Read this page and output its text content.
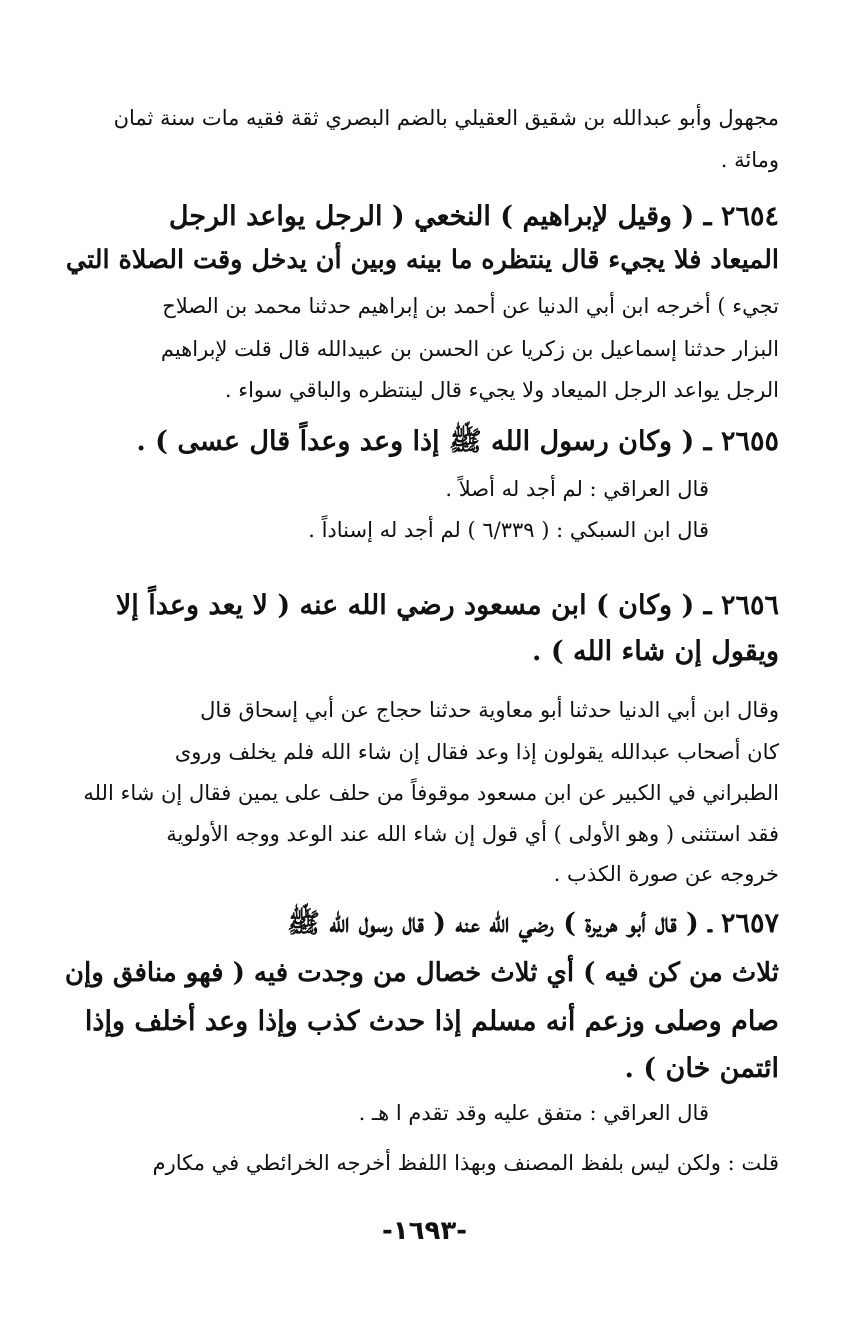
مجهول وأبو عبدالله بن شقيق العقيلي بالضم البصري ثقة فقيه مات سنة ثمان
ومائة .
٢٦٥٤ ـ ( وقيل لإبراهيم ) النخعي ( الرجل يواعد الرجل
الميعاد فلا يجيء قال ينتظره ما بينه وبين أن يدخل وقت الصلاة التي
تجيء ) أخرجه ابن أبي الدنيا عن أحمد بن إبراهيم حدثنا محمد بن الصلاح
البزار حدثنا إسماعيل بن زكريا عن الحسن بن عبيدالله قال قلت لإبراهيم
الرجل يواعد الرجل الميعاد ولا يجيء قال لينتظره والباقي سواء .
٢٦٥٥ ـ ( وكان رسول الله ﷺ إذا وعد وعداً قال عسى ) .
قال العراقي : لم أجد له أصلاً .
قال ابن السبكي : ( ٦/٣٣٩ ) لم أجد له إسناداً .
٢٦٥٦ ـ ( وكان ) ابن مسعود رضي الله عنه ( لا يعد وعداً إلا
ويقول إن شاء الله ) .
وقال ابن أبي الدنيا حدثنا أبو معاوية حدثنا حجاج عن أبي إسحاق قال
كان أصحاب عبدالله يقولون إذا وعد فقال إن شاء الله فلم يخلف وروى
الطبراني في الكبير عن ابن مسعود موقوفاً من حلف على يمين فقال إن شاء الله
فقد استثنى ( وهو الأولى ) أي قول إن شاء الله عند الوعد ووجه الأولوية
خروجه عن صورة الكذب .
٢٦٥٧ ـ ( قال أبو هريرة ) رضي الله عنه ( قال رسول الله ﷺ
ثلاث من كن فيه ) أي ثلاث خصال من وجدت فيه ( فهو منافق وإن
صام وصلى وزعم أنه مسلم إذا حدث كذب وإذا وعد أخلف وإذا
ائتمن خان ) .
قال العراقي : متفق عليه وقد تقدم ا هـ .
قلت : ولكن ليس بلفظ المصنف وبهذا اللفظ أخرجه الخرائطي في مكارم
-١٦٩٣-
